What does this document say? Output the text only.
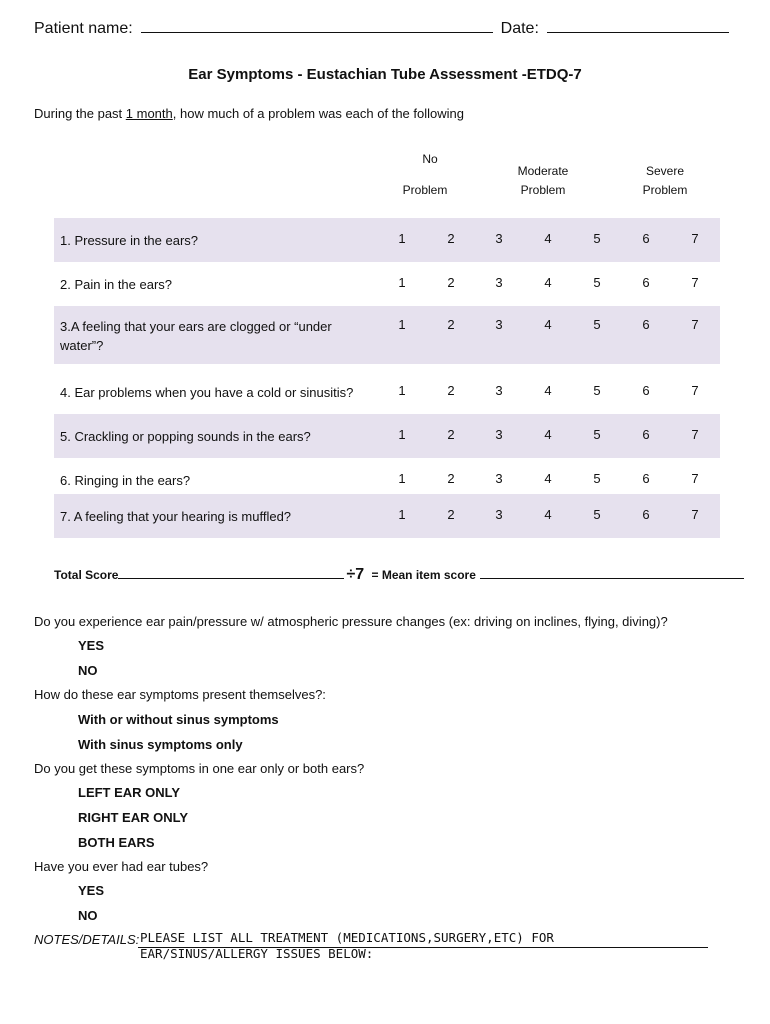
Patient name:	Date:
Ear Symptoms - Eustachian Tube Assessment -ETDQ-7
During the past 1 month, how much of a problem was each of the following
No
Problem
Moderate
Problem
Severe
Problem
1. Pressure in the ears?	1	2	3	4	5	6	7
2. Pain in the ears?	1	2	3	4	5	6	7
3.A feeling that your ears are clogged or “under water”?
1	2	3	4	5	6	7
4. Ear problems when you have a cold or sinusitis?	1	2	3	4	5	6	7
5. Crackling or popping sounds in the ears?	1	2	3	4	5	6	7
6. Ringing in the ears?	1	2	3	4	5	6	7
7. A feeling that your hearing is muffled?	1	2	3	4	5	6	7
Total Score	÷7 = Mean item score
Do you experience ear pain/pressure w/ atmospheric pressure changes (ex: driving on inclines, flying, diving)?
YES
NO
How do these ear symptoms present themselves?:
With or without sinus symptoms
With sinus symptoms only
Do you get these symptoms in one ear only or both ears?
LEFT EAR ONLY
RIGHT EAR ONLY
BOTH EARS
Have you ever had ear tubes?
YES
NO
NOTES/DETAILS: PLEASE LIST ALL TREATMENT (MEDICATIONS,SURGERY,ETC) FOR
EAR/SINUS/ALLERGY ISSUES BELOW:
